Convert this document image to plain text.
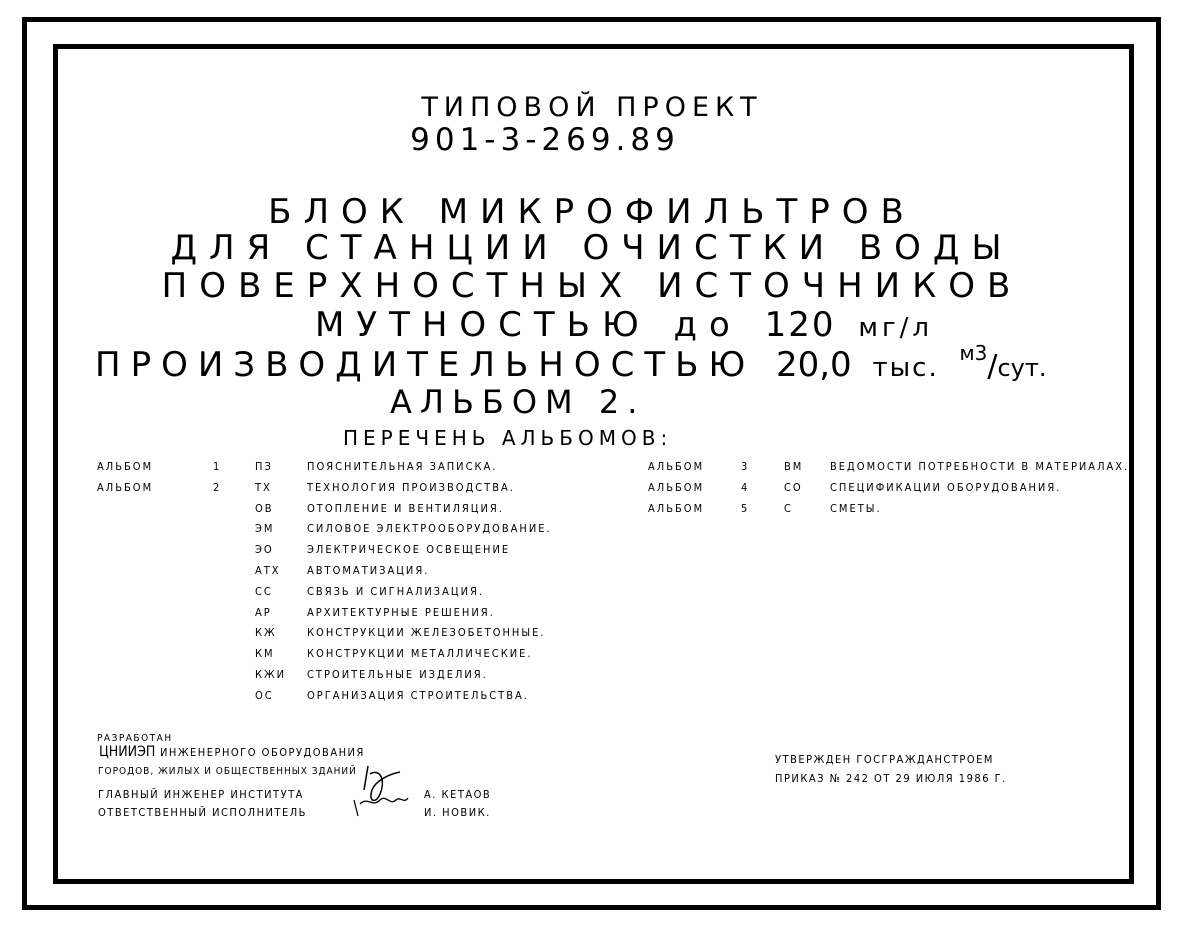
ТИПОВОЙ ПРОЕКТ
901-3-269.89
БЛОК МИКРОФИЛЬТРОВ
ДЛЯ СТАНЦИИ ОЧИСТКИ ВОДЫ
ПОВЕРХНОСТНЫХ ИСТОЧНИКОВ
МУТНОСТЬЮ до 120 мг/л
ПРОИЗВОДИТЕЛЬНОСТЬЮ 20,0 тыс. $^{м3}$/сут.
АЛЬБОМ 2.
ПЕРЕЧЕНЬ АЛЬБОМОВ:
АЛЬБОМ	1	ПЗ	ПОЯСНИТЕЛЬНАЯ ЗАПИСКА.
АЛЬБОМ	2	ТХ	ТЕХНОЛОГИЯ ПРОИЗВОДСТВА.
ОВ	ОТОПЛЕНИЕ И ВЕНТИЛЯЦИЯ.
ЭМ	СИЛОВОЕ ЭЛЕКТРООБОРУДОВАНИЕ.
ЭО	ЭЛЕКТРИЧЕСКОЕ ОСВЕЩЕНИЕ
АТХ АВТОМАТИЗАЦИЯ.
СС	СВЯЗЬ И СИГНАЛИЗАЦИЯ.
АР	АРХИТЕКТУРНЫЕ РЕШЕНИЯ.
КЖ	КОНСТРУКЦИИ ЖЕЛЕЗОБЕТОННЫЕ.
КМ	КОНСТРУКЦИИ МЕТАЛЛИЧЕСКИЕ.
КЖИ СТРОИТЕЛЬНЫЕ ИЗДЕЛИЯ.
ОС	ОРГАНИЗАЦИЯ СТРОИТЕЛЬСТВА.
АЛЬБОМ	3	ВМ ВЕДОМОСТИ ПОТРЕБНОСТИ В МАТЕРИАЛАХ.
АЛЬБОМ	4	СО СПЕЦИФИКАЦИИ ОБОРУДОВАНИЯ.
АЛЬБОМ	5	С	СМЕТЫ.
РАЗРАБОТАН
ЦНИИЭП ИНЖЕНЕРНОГО ОБОРУДОВАНИЯ
ГОРОДОВ, ЖИЛЫХ И ОБЩЕСТВЕННЫХ ЗДАНИЙ
ГЛАВНЫЙ ИНЖЕНЕР ИНСТИТУТА
ОТВЕТСТВЕННЫЙ ИСПОЛНИТЕЛЬ
А. КЕТАОВ
И. НОВИК.
УТВЕРЖДЕН ГОСГРАЖДАНСТРОЕМ
ПРИКАЗ № 242 ОТ 29 ИЮЛЯ 1986 Г.
